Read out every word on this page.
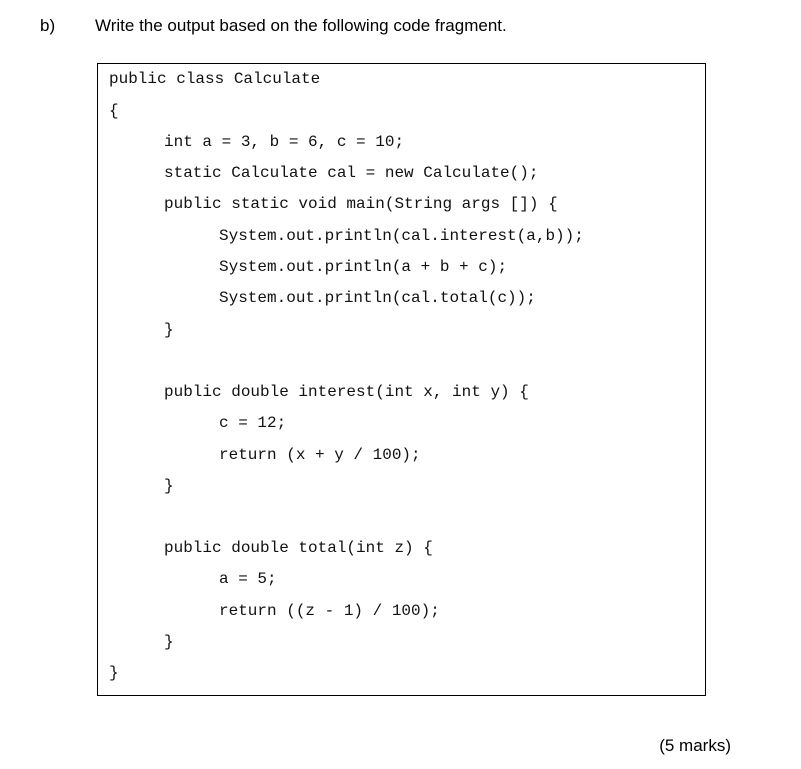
b) Write the output based on the following code fragment.
public class Calculate
{
int a = 3, b = 6, c = 10;
static Calculate cal = new Calculate();
public static void main(String args []) {
System.out.println(cal.interest(a,b));
System.out.println(a + b + c);
System.out.println(cal.total(c));
}
public double interest(int x, int y) {
c = 12;
return (x + y / 100);
}
public double total(int z) {
a = 5;
return ((z - 1) / 100);
}
}
(5 marks)
